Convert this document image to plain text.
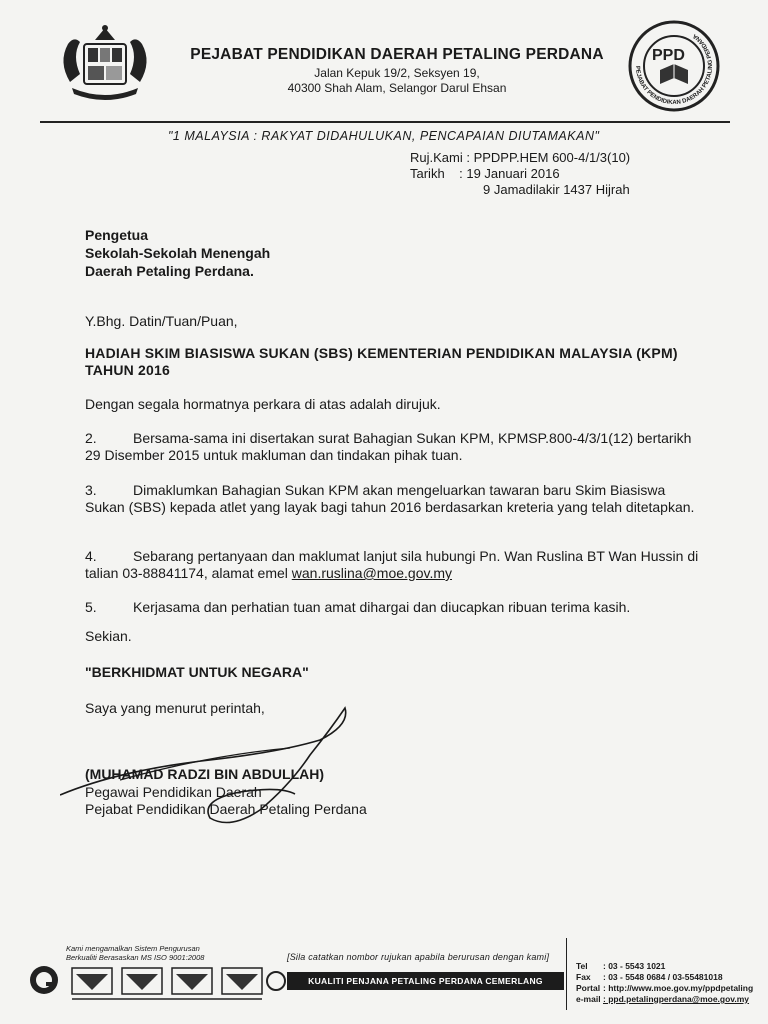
PEJABAT PENDIDIKAN DAERAH PETALING PERDANA
Jalan Kepuk 19/2, Seksyen 19,
40300 Shah Alam, Selangor Darul Ehsan
PEJABAT PENDIDIKAN DAERAH PETALING PERDANA
PPD
"1 MALAYSIA : RAKYAT DIDAHULUKAN, PENCAPAIAN DIUTAMAKAN"
Ruj.Kami : PPDPP.HEM 600-4/1/3(10)
Tarikh    : 19 Januari 2016
9 Jamadilakir 1437 Hijrah
Pengetua
Sekolah-Sekolah Menengah
Daerah Petaling Perdana.
Y.Bhg. Datin/Tuan/Puan,
HADIAH SKIM BIASISWA SUKAN (SBS) KEMENTERIAN PENDIDIKAN MALAYSIA (KPM) TAHUN 2016
Dengan segala hormatnya perkara di atas adalah dirujuk.
2.	Bersama-sama ini disertakan surat Bahagian Sukan KPM, KPMSP.800-4/3/1(12) bertarikh 29 Disember 2015 untuk makluman dan tindakan pihak tuan.
3.	Dimaklumkan Bahagian Sukan KPM akan mengeluarkan tawaran baru Skim Biasiswa Sukan (SBS) kepada atlet yang layak bagi tahun 2016 berdasarkan kreteria yang telah ditetapkan.
4.	Sebarang pertanyaan dan maklumat lanjut sila hubungi Pn. Wan Ruslina BT Wan Hussin di talian 03-88841174, alamat emel wan.ruslina@moe.gov.my
5.	Kerjasama dan perhatian tuan amat dihargai dan diucapkan ribuan terima kasih.
Sekian.
"BERKHIDMAT UNTUK NEGARA"
Saya yang menurut perintah,
(MUHAMAD RADZI BIN ABDULLAH)
Pegawai Pendidikan Daerah
Pejabat Pendidikan Daerah Petaling Perdana
Kami mengamalkan Sistem Pengurusan
Berkualiti Berasaskan MS ISO 9001:2008	[Sila catatkan nombor rujukan apabila berurusan dengan kami]
KUALITI PENJANA PETALING PERDANA CEMERLANG
Tel : 03 - 5543 1021
Fax : 03 - 5548 0684 / 03-55481018
Portal : http://www.moe.gov.my/ppdpetaling
e-mail : ppd.petalingperdana@moe.gov.my
